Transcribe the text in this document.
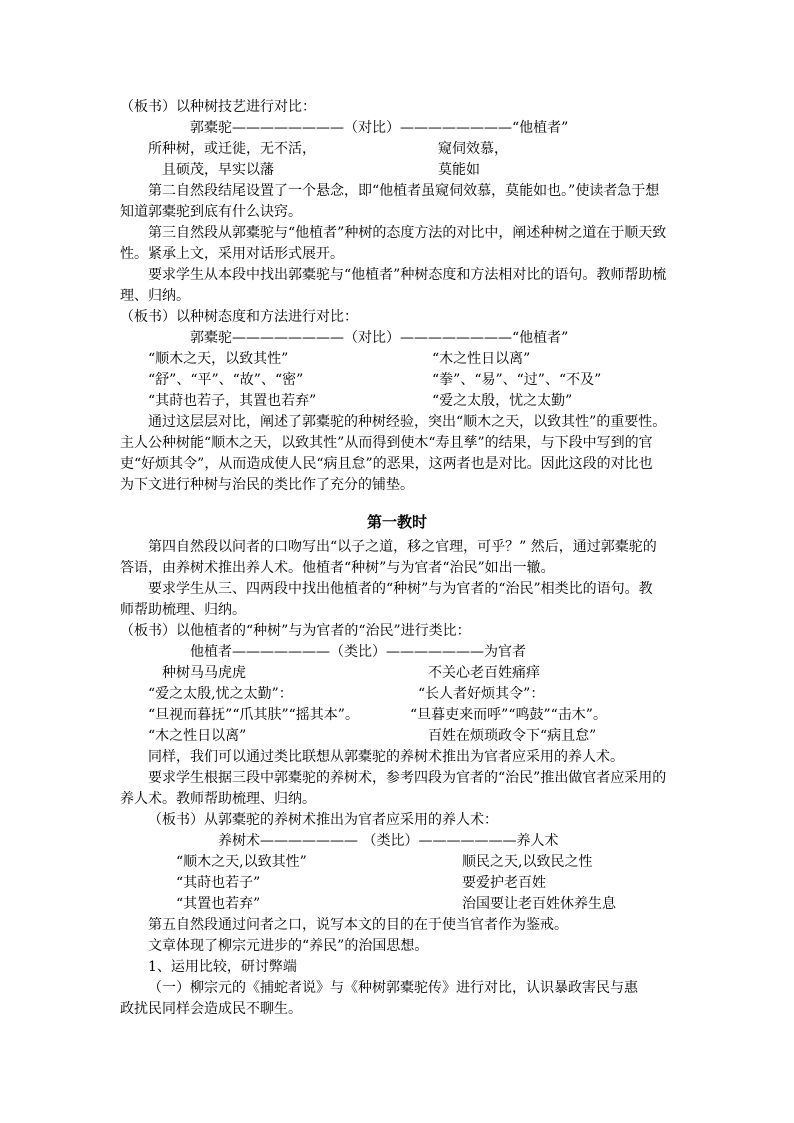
（板书）以种树技艺进行对比：
郭橐驼————————（对比）————————“他植者”
所种树，或迁徙，无不活，	窥伺效慕，
且硕茂，早实以藩	莫能如
第二自然段结尾设置了一个悬念，即“他植者虽窥伺效慕，莫能如也。”使读者急于想
知道郭橐驼到底有什么诀窍。
第三自然段从郭橐驼与“他植者”种树的态度方法的对比中，阐述种树之道在于顺天致
性。紧承上文，采用对话形式展开。
要求学生从本段中找出郭橐驼与“他植者”种树态度和方法相对比的语句。教师帮助梳
理、归纳。
（板书）以种树态度和方法进行对比：
郭橐驼————————（对比）————————“他植者”
“顺木之天，以致其性”	“木之性日以离”
“舒”、“平”、“故”、“密”	“拳”、“易”、“过”、“不及”
“其莳也若子，其置也若弃”	“爱之太殷，忧之太勤”
通过这层层对比，阐述了郭橐驼的种树经验，突出“顺木之天，以致其性”的重要性。
主人公种树能“顺木之天，以致其性”从而得到使木“寿且孳”的结果，与下段中写到的官
吏“好烦其令”，从而造成使人民“病且怠”的恶果，这两者也是对比。因此这段的对比也
为下文进行种树与治民的类比作了充分的铺垫。
第一教时
第四自然段以问者的口吻写出“以子之道，移之官理，可乎？” 然后，通过郭橐驼的
答语，由养树术推出养人术。他植者“种树”与为官者“治民”如出一辙。
要求学生从三、四两段中找出他植者的“种树”与为官者的“治民”相类比的语句。教
师帮助梳理、归纳。
（板书）以他植者的“种树”与为官者的“治民”进行类比：
他植者———————（类比）———————为官者
种树马马虎虎	不关心老百姓痛痒
“爱之太殷,忧之太勤”：	“长人者好烦其令”：
“旦视而暮抚”“爪其肤”“摇其本”。	“旦暮吏来而呼”“鸣鼓”“击木”。
“木之性日以离”	百姓在烦琐政令下“病且怠”
同样，我们可以通过类比联想从郭橐驼的养树术推出为官者应采用的养人术。
要求学生根据三段中郭橐驼的养树术，参考四段为官者的“治民”推出做官者应采用的
养人术。教师帮助梳理、归纳。
（板书）从郭橐驼的养树术推出为官者应采用的养人术：
养树术——————— （类比）———————养人术
“顺木之天,以致其性”	顺民之天,以致民之性
“其莳也若子”	要爱护老百姓
“其置也若弃”	治国要让老百姓休养生息
第五自然段通过问者之口，说写本文的目的在于使当官者作为鉴戒。
文章体现了柳宗元进步的“养民”的治国思想。
1、运用比较，研讨弊端
（一）柳宗元的《捕蛇者说》与《种树郭橐驼传》进行对比，认识暴政害民与惠
政扰民同样会造成民不聊生。
